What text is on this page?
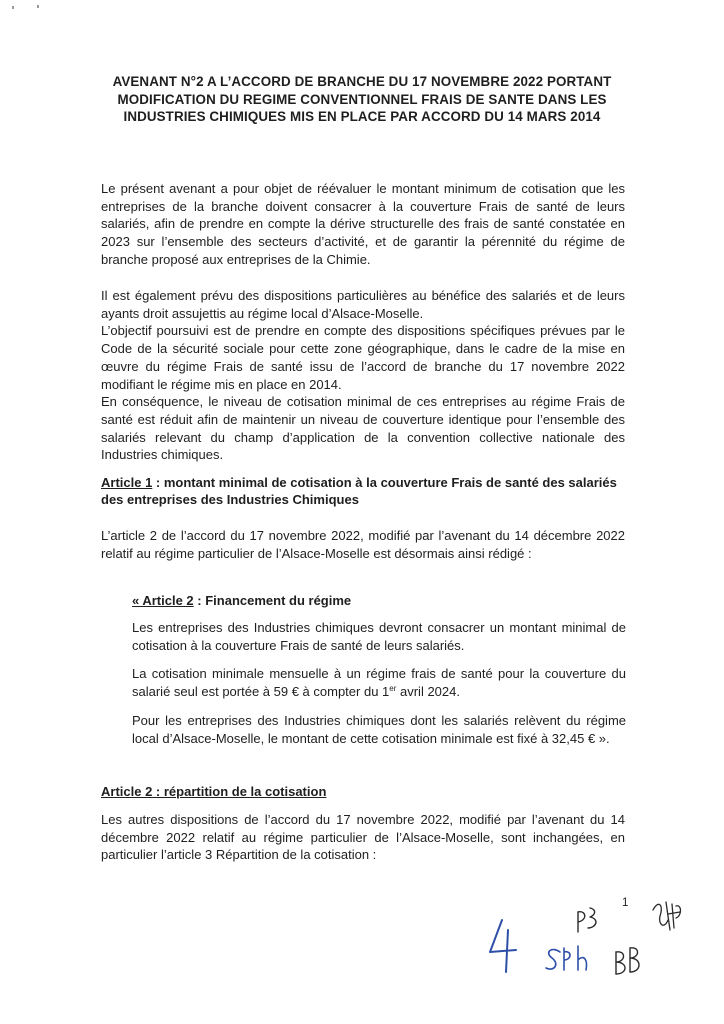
AVENANT N°2 A L’ACCORD DE BRANCHE DU 17 NOVEMBRE 2022 PORTANT MODIFICATION DU REGIME CONVENTIONNEL FRAIS DE SANTE DANS LES INDUSTRIES CHIMIQUES MIS EN PLACE PAR ACCORD DU 14 MARS 2014

Le présent avenant a pour objet de réévaluer le montant minimum de cotisation que les entreprises de la branche doivent consacrer à la couverture Frais de santé de leurs salariés, afin de prendre en compte la dérive structurelle des frais de santé constatée en 2023 sur l’ensemble des secteurs d’activité, et de garantir la pérennité du régime de branche proposé aux entreprises de la Chimie.

Il est également prévu des dispositions particulières au bénéfice des salariés et de leurs ayants droit assujettis au régime local d’Alsace-Moselle.

L’objectif poursuivi est de prendre en compte des dispositions spécifiques prévues par le Code de la sécurité sociale pour cette zone géographique, dans le cadre de la mise en œuvre du régime Frais de santé issu de l’accord de branche du 17 novembre 2022 modifiant le régime mis en place en 2014.

En conséquence, le niveau de cotisation minimal de ces entreprises au régime Frais de santé est réduit afin de maintenir un niveau de couverture identique pour l’ensemble des salariés relevant du champ d’application de la convention collective nationale des Industries chimiques.

Article 1 : montant minimal de cotisation à la couverture Frais de santé des salariés des entreprises des Industries Chimiques

L’article 2 de l’accord du 17 novembre 2022, modifié par l’avenant du 14 décembre 2022 relatif au régime particulier de l’Alsace-Moselle est désormais ainsi rédigé :

« Article 2 : Financement du régime

Les entreprises des Industries chimiques devront consacrer un montant minimal de cotisation à la couverture Frais de santé de leurs salariés.

La cotisation minimale mensuelle à un régime frais de santé pour la couverture du salarié seul est portée à 59 € à compter du 1er avril 2024.

Pour les entreprises des Industries chimiques dont les salariés relèvent du régime local d’Alsace-Moselle, le montant de cette cotisation minimale est fixé à 32,45 € ».

Article 2 : répartition de la cotisation

Les autres dispositions de l’accord du 17 novembre 2022, modifié par l’avenant du 14 décembre 2022 relatif au régime particulier de l’Alsace-Moselle, sont inchangées, en particulier l’article 3 Répartition de la cotisation :

1
